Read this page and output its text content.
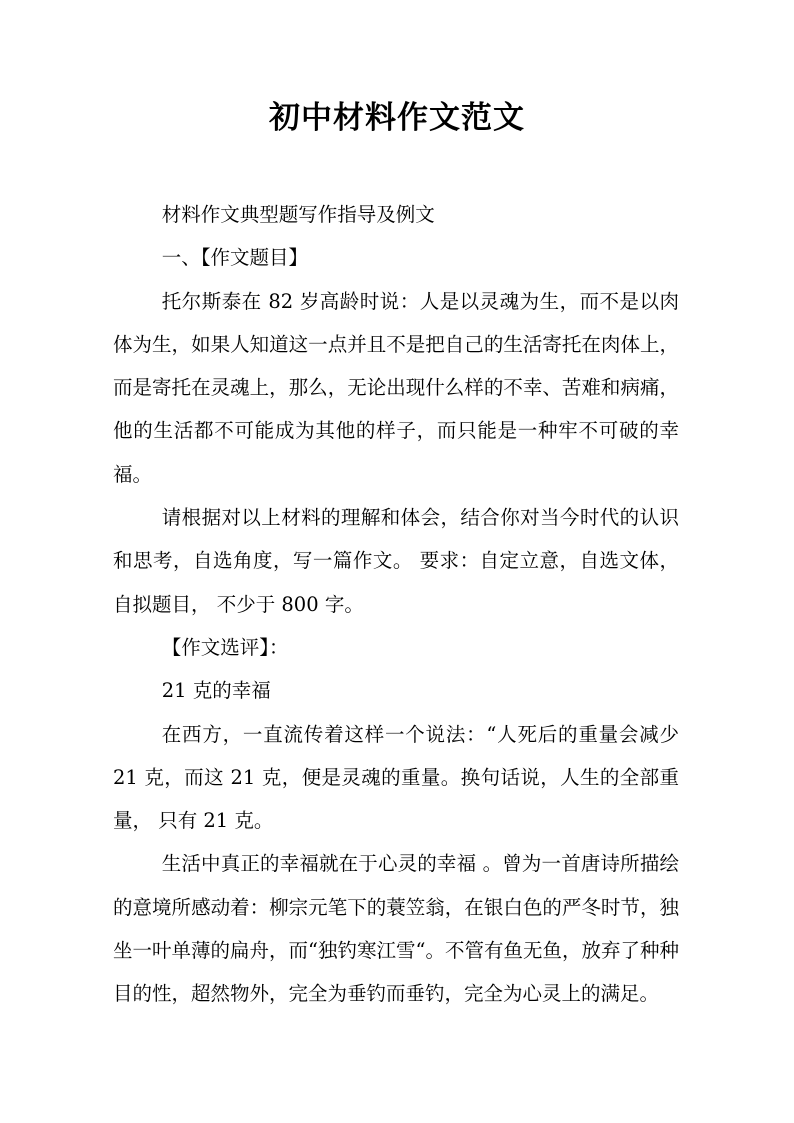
初中材料作文范文

材料作文典型题写作指导及例文

一、【作文题目】

托尔斯泰在 82 岁高龄时说：人是以灵魂为生，而不是以肉体为生，如果人知道这一点并且不是把自己的生活寄托在肉体上，而是寄托在灵魂上，那么，无论出现什么样的不幸、苦难和病痛，他的生活都不可能成为其他的样子，而只能是一种牢不可破的幸福。

请根据对以上材料的理解和体会，结合你对当今时代的认识和思考，自选角度，写一篇作文。 要求：自定立意，自选文体，自拟题目， 不少于 800 字。

【作文选评】：

21 克的幸福

在西方，一直流传着这样一个说法：“人死后的重量会减少 21 克，而这 21 克，便是灵魂的重量。换句话说，人生的全部重量， 只有 21 克。

生活中真正的幸福就在于心灵的幸福 。曾为一首唐诗所描绘的意境所感动着：柳宗元笔下的蓑笠翁，在银白色的严冬时节，独坐一叶单薄的扁舟，而“独钓寒江雪“。不管有鱼无鱼，放弃了种种目的性，超然物外，完全为垂钓而垂钓，完全为心灵上的满足。
